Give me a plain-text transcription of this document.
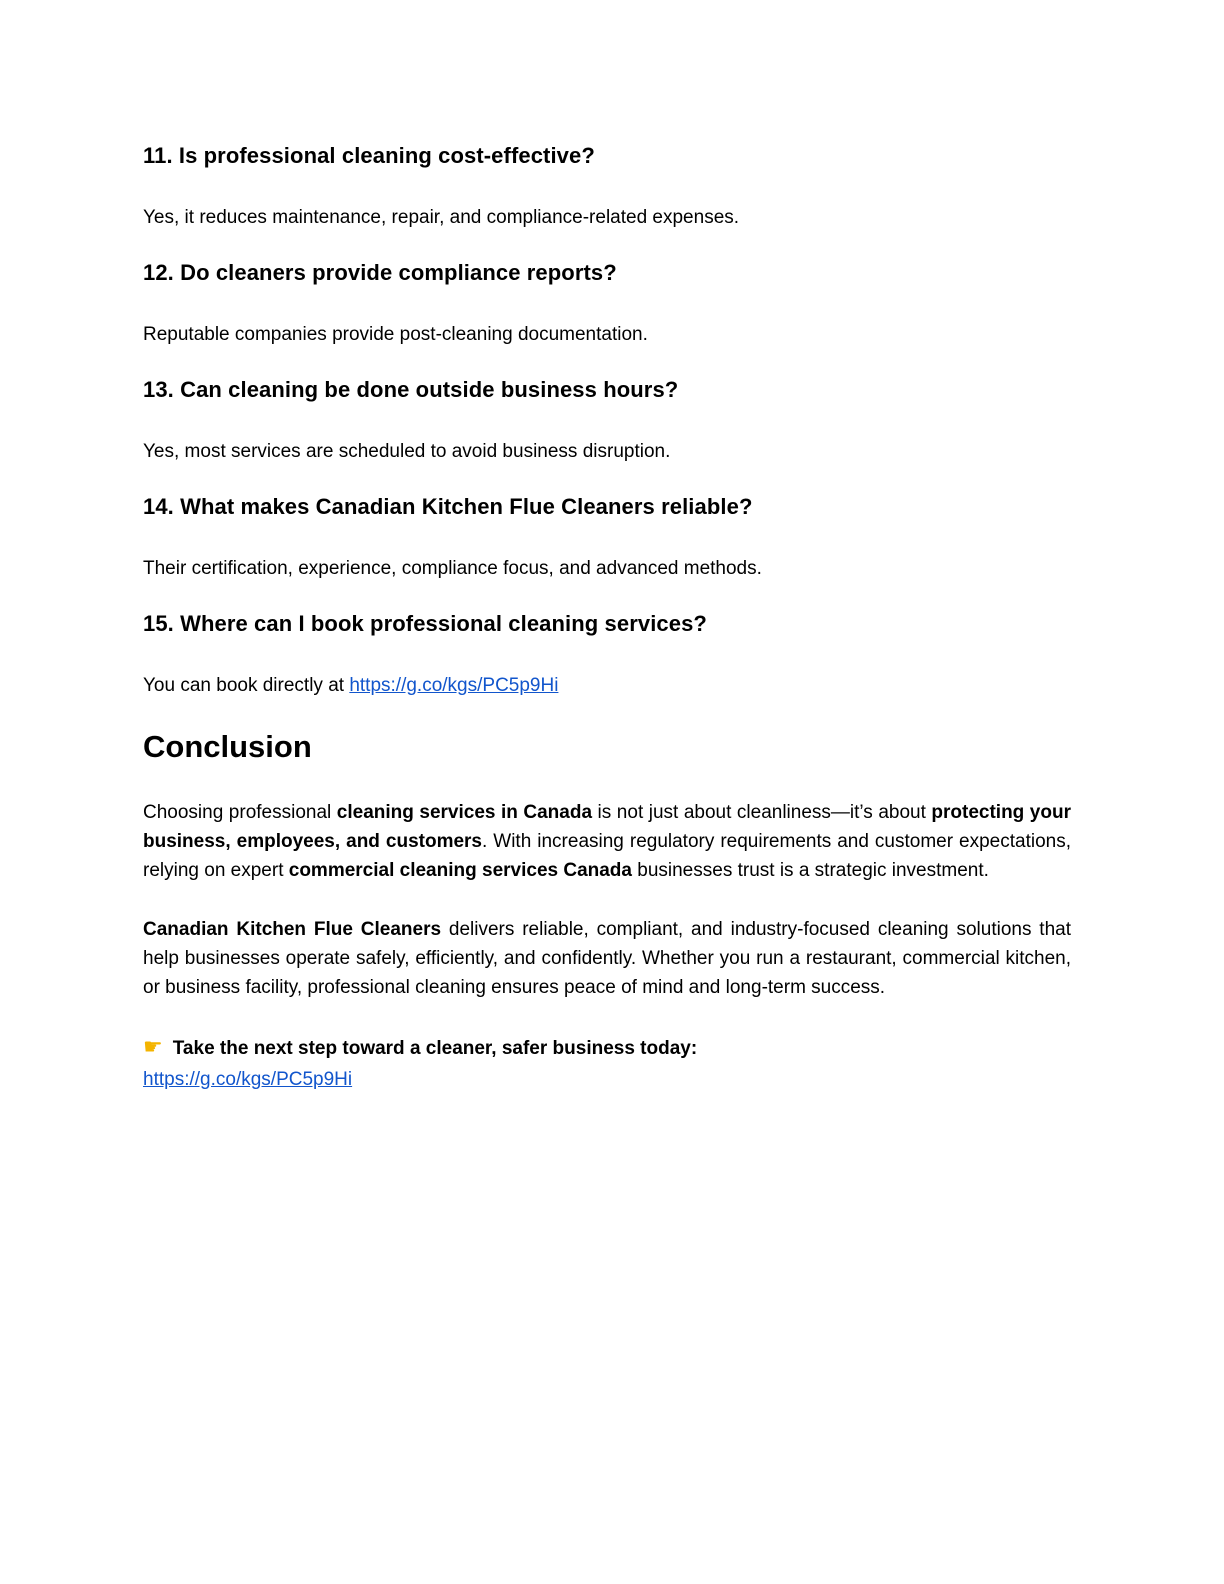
11. Is professional cleaning cost-effective?

Yes, it reduces maintenance, repair, and compliance-related expenses.

12. Do cleaners provide compliance reports?

Reputable companies provide post-cleaning documentation.

13. Can cleaning be done outside business hours?

Yes, most services are scheduled to avoid business disruption.

14. What makes Canadian Kitchen Flue Cleaners reliable?

Their certification, experience, compliance focus, and advanced methods.

15. Where can I book professional cleaning services?

You can book directly at https://g.co/kgs/PC5p9Hi

Conclusion

Choosing professional cleaning services in Canada is not just about cleanliness—it’s about protecting your business, employees, and customers. With increasing regulatory requirements and customer expectations, relying on expert commercial cleaning services Canada businesses trust is a strategic investment.

Canadian Kitchen Flue Cleaners delivers reliable, compliant, and industry-focused cleaning solutions that help businesses operate safely, efficiently, and confidently. Whether you run a restaurant, commercial kitchen, or business facility, professional cleaning ensures peace of mind and long-term success.

☛Take the next step toward a cleaner, safer business today:

https://g.co/kgs/PC5p9Hi
